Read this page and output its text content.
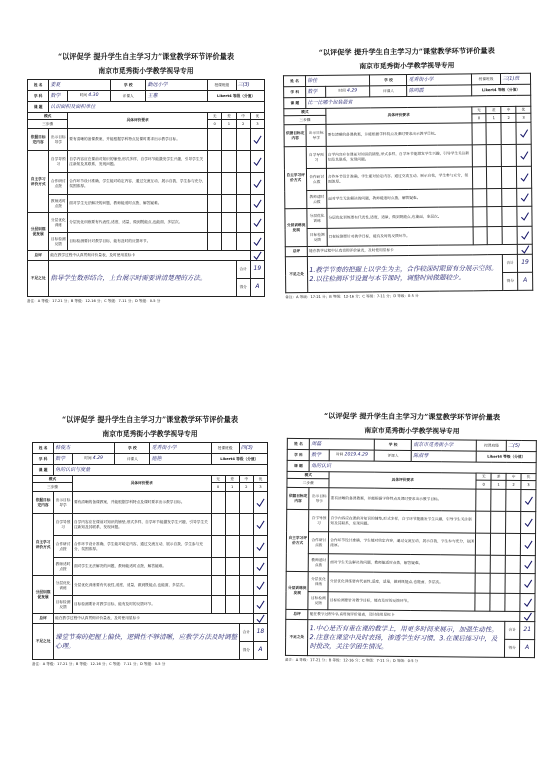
“以评促学 提升学生自主学习力”课堂教学环节评价量表
南京市觅秀街小学教学视导专用
姓 名	姜夏		学 校	勤远小学	授课班级		三(3)	
学 科	数学	时间 4.30	评课人	王惠	Likert4 等级（分值）			
课 题	认识面积及面积单位							
模式		具体评价要求			无	差	中	优
三步骤					0	1	2	3

依据目标定内容	出示目标导学	要有清晰的备课教案，并能根据学科特点及课时要求出示教学目标。				

自主学习评价方式	自学导预习	自学内容应在课前对知识的铺垫,形式多样，自学环节能激发学生兴趣，引导学生关注新知及其联系，发现问题。				

	合作研讨点拨	合作环节设计准确，学生能对给定内容，通过交流互动，展示自我，学生参与充分，氛围浓厚。				

	教师适时点拨	面对学生无法解决的问题，教师能适时点拨，解答疑难。				

分层训练促发展	分层优化训练	分层优化训练要有代表性,适度，适量，做到既能点,也能面，多层次。				

	目标检测反馈	目标检测要针对教学目标，能有及时的反馈环节。				

总评	能在教学过程中认真贯彻评价量表，及时使用星标卡	

不足之处	指导学生数形结合，上台展示时需要讲清楚理的方法。						合计	19
							得分	A
备注：A 等级：17-21 分；B 等级：12-16 分；C 等级：7-11 分；D 等级：0-5 分
“以评促学 提升学生自主学习力”课堂教学环节评价量表
南京市觅秀街小学教学视导专用
姓 名	徐佳		学 校	觅秀街小学	授课班级		三(1)班	
学 科	数学	时间 4.29	评课人	陈明霞	Likert4 等级（分值）			
课 题	比一比哪个包装最省							
模式		具体评价要求			无	差	中	优
三步骤					0	1	2	3

依据目标定内容	出示目标导学	要有清晰的备课教案，并能根据学科特点及课时要求出示教学目标。				

自主学习评价方式	自学导预习	自学内容应在课前对知识的铺垫,形式多样，自学环节能激发学生兴趣，引导学生关注新知及其联系，发现问题。				

	合作研讨点拨	合作环节设计准确，学生能对给定内容，通过交流互动，展示自我，学生参与充分，氛围浓厚。				

	教师适时点拨	面对学生无法解决的问题，教师能适时点拨，解答疑难。				

分层训练促发展	分层优化训练	分层优化训练要有代表性,适度，适量，做到既能点,也能面，多层次。				

	目标检测反馈	目标检测要针对教学目标，能有及时的反馈环节。				

总评	能在教学过程中认真贯彻评价量表，及时使用星标卡	

不足之处	1.教学节奏的把握上以学生为主，合作较深时限留有分展示空间。2.以往检测环节设置与本节课时，调整时间做题较少。						合计	19
							得分	A
备注：A 等级：17-21 分；B 等级：12-16 分；C 等级：7-11 分；D 等级：0-5 分
“以评促学 提升学生自主学习力”课堂教学环节评价量表
南京市觅秀街小学教学视导专用
姓 名	韩俊杰		学 校	觅秀街小学	授课班级		四(3)	
学 科	数学	时间 4.29	评课人	施艳	Likert4 等级（分值）			
课 题	角的认识与度量							
模式		具体评价要求			无	差	中	优
三步骤					0	1	2	3

依据目标定内容	出示目标导学	要有清晰的备课教案，并能根据学科特点及课时要求出示教学目标。				

自主学习评价方式	自学导预习	自学内容应在课前对知识的铺垫,形式多样，自学环节能激发学生兴趣，引导学生关注新知及其联系，发现问题。				

	合作研讨点拨	合作环节设计准确，学生能对给定内容，通过交流互动，展示自我，学生参与充分，氛围浓厚。				

	教师适时点拨	面对学生无法解决的问题，教师能适时点拨，解答疑难。				

分层训练促发展	分层优化训练	分层优化训练要有代表性,适度，适量，做到既能点,也能面，多层次。				

	目标检测反馈	目标检测要针对教学目标，能有及时的反馈环节。				

总评	能在教学过程中认真贯彻评价量表，及时使用星标卡	

不足之处	课堂节奏的把握上偏快，逻辑性不够清晰，应教学方法及时调整心理。						合计	18
							得分	A
备注：A 等级：17-21 分；B 等级：12-16 分；C 等级：7-11 分；D 等级：0-5 分
“以评促学 提升学生自主学习力”课堂教学环节评价量表
南京市觅秀街小学教学视导专用
姓 名	周磊		学 校	南京市觅秀街小学	授课班级		二(5)	
学 科	数学	时间 2019.4.29	评课人	陈淑琴	Likert4 等级（分值）			
课 题	角的认识							
模式		具体评价要求			无	差	中	优
三步骤					0	1	2	3

依据目标定内容	出示目标导学	要有清晰的备课教案，并能根据学科特点及课时要求出示教学目标。				

自主学习评价方式	自学导预习	自学内容应在课前对知识的铺垫,形式多样，自学环节能激发学生兴趣，引导学生关注新知及其联系，发现问题。				

	合作研讨点拨	合作环节设计准确，学生能对给定内容，通过交流互动，展示自我，学生参与充分，氛围浓厚。				

	教师适时点拨	面对学生无法解决的问题，教师能适时点拨，解答疑难。				

分层训练促发展	分层优化训练	分层优化训练要有代表性,适度，适量，做到既能点,也能面，多层次。				

	目标检测反馈	目标检测要针对教学目标，能有及时的反馈环节。				

总评	能在教学过程中认真贯彻评价量表，及时使用星标卡	

不足之处	1.中心是否有重在课的教学上，用更多时间来展示，加强生动性。2.注意在课堂中及时表扬，渗透学生好习惯。3.在课后练习中，及时批改，关注学困生情况。						合计	21
							得分	A
备注：A 等级：17-21 分；B 等级：12-16 分；C 等级：7-11 分；D 等级：0-5 分
